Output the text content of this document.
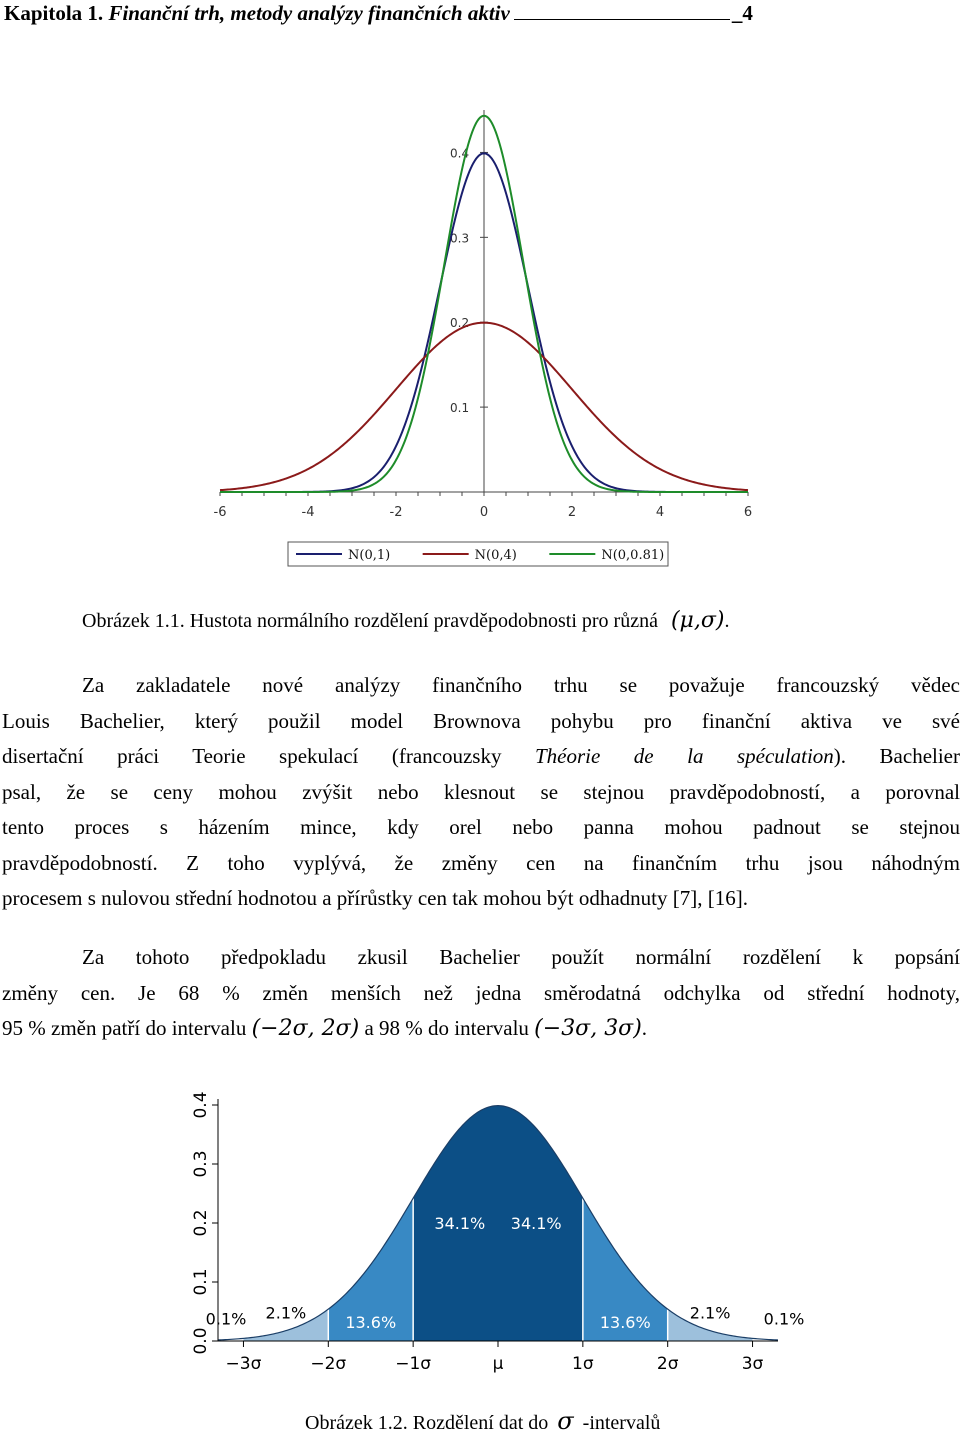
Kapitola 1. Finanční trh, metody analýzy finančních aktiv	_4
-6	-4	-2	0	2	4	6
0.1
0.2
0.3
0.4
N(0,1)	N(0,4)	N(0,0.81)
Obrázek 1.1. Hustota normálního rozdělení pravděpodobnosti pro různá (μ,σ).
Za zakladatele nové analýzy finančního trhu se považuje francouzský vědec
Louis Bachelier, který použil model Brownova pohybu pro finanční aktiva ve své
disertační práci Teorie spekulací (francouzsky Théorie de la spéculation). Bachelier
psal, že se ceny mohou zvýšit nebo klesnout se stejnou pravděpodobností, a porovnal
tento proces s házením mince, kdy orel nebo panna mohou padnout se stejnou
pravděpodobností. Z toho vyplývá, že změny cen na finančním trhu jsou náhodným
procesem s nulovou střední hodnotou a přírůstky cen tak mohou být odhadnuty [7], [16].
Za tohoto předpokladu zkusil Bachelier použít normální rozdělení k popsání
změny cen. Je 68 % změn menších než jedna směrodatná odchylka od střední hodnoty,
95 % změn patří do intervalu (−2σ, 2σ) a 98 % do intervalu (−3σ, 3σ).
0.0
0.1
0.2
0.3
0.4
−3σ	−2σ	−1σ	μ	1σ	2σ	3σ
0.1% 2.1% 13.6%
34.1% 34.1%
13.6% 2.1% 0.1%
Obrázek 1.2. Rozdělení dat do σ -intervalů
